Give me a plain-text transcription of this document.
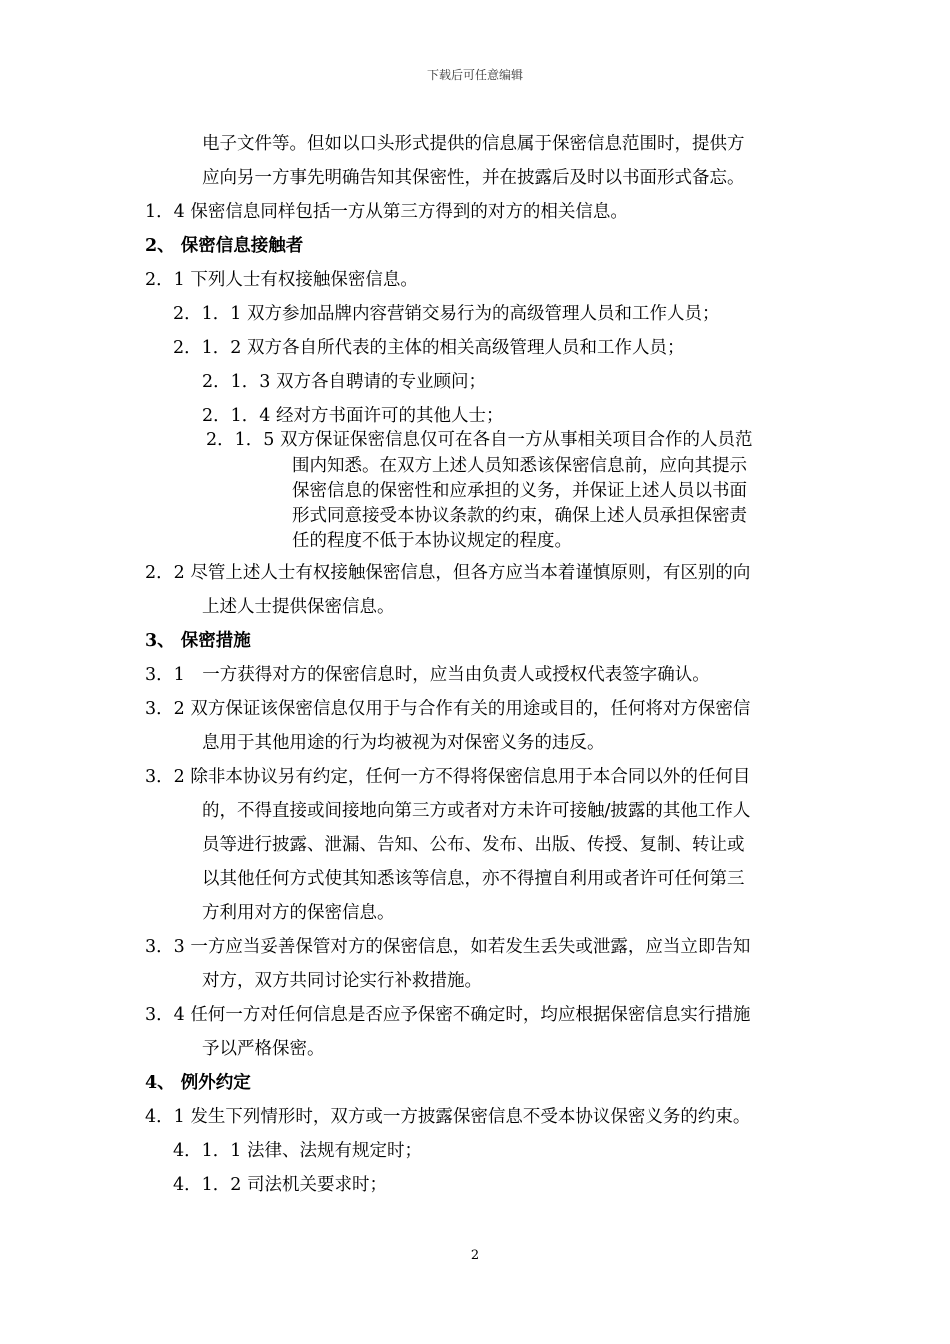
下载后可任意编辑
电子文件等。但如以口头形式提供的信息属于保密信息范围时，提供方
应向另一方事先明确告知其保密性，并在披露后及时以书面形式备忘。
1．4 保密信息同样包括一方从第三方得到的对方的相关信息。
2、 保密信息接触者
2．1 下列人士有权接触保密信息。
2．1．1 双方参加品牌内容营销交易行为的高级管理人员和工作人员；
2．1．2 双方各自所代表的主体的相关高级管理人员和工作人员；
2．1．3 双方各自聘请的专业顾问；
2．1．4 经对方书面许可的其他人士；
2．1．5 双方保证保密信息仅可在各自一方从事相关项目合作的人员范
围内知悉。在双方上述人员知悉该保密信息前，应向其提示
保密信息的保密性和应承担的义务，并保证上述人员以书面
形式同意接受本协议条款的约束，确保上述人员承担保密责
任的程度不低于本协议规定的程度。
2．2 尽管上述人士有权接触保密信息，但各方应当本着谨慎原则，有区别的向
上述人士提供保密信息。
3、 保密措施
3．1　一方获得对方的保密信息时，应当由负责人或授权代表签字确认。
3．2 双方保证该保密信息仅用于与合作有关的用途或目的，任何将对方保密信
息用于其他用途的行为均被视为对保密义务的违反。
3．2 除非本协议另有约定，任何一方不得将保密信息用于本合同以外的任何目
的，不得直接或间接地向第三方或者对方未许可接触/披露的其他工作人
员等进行披露、泄漏、告知、公布、发布、出版、传授、复制、转让或
以其他任何方式使其知悉该等信息，亦不得擅自利用或者许可任何第三
方利用对方的保密信息。
3．3 一方应当妥善保管对方的保密信息，如若发生丢失或泄露，应当立即告知
对方，双方共同讨论实行补救措施。
3．4 任何一方对任何信息是否应予保密不确定时，均应根据保密信息实行措施
予以严格保密。
4、 例外约定
4．1 发生下列情形时，双方或一方披露保密信息不受本协议保密义务的约束。
4．1．1 法律、法规有规定时；
4．1．2 司法机关要求时；
2
